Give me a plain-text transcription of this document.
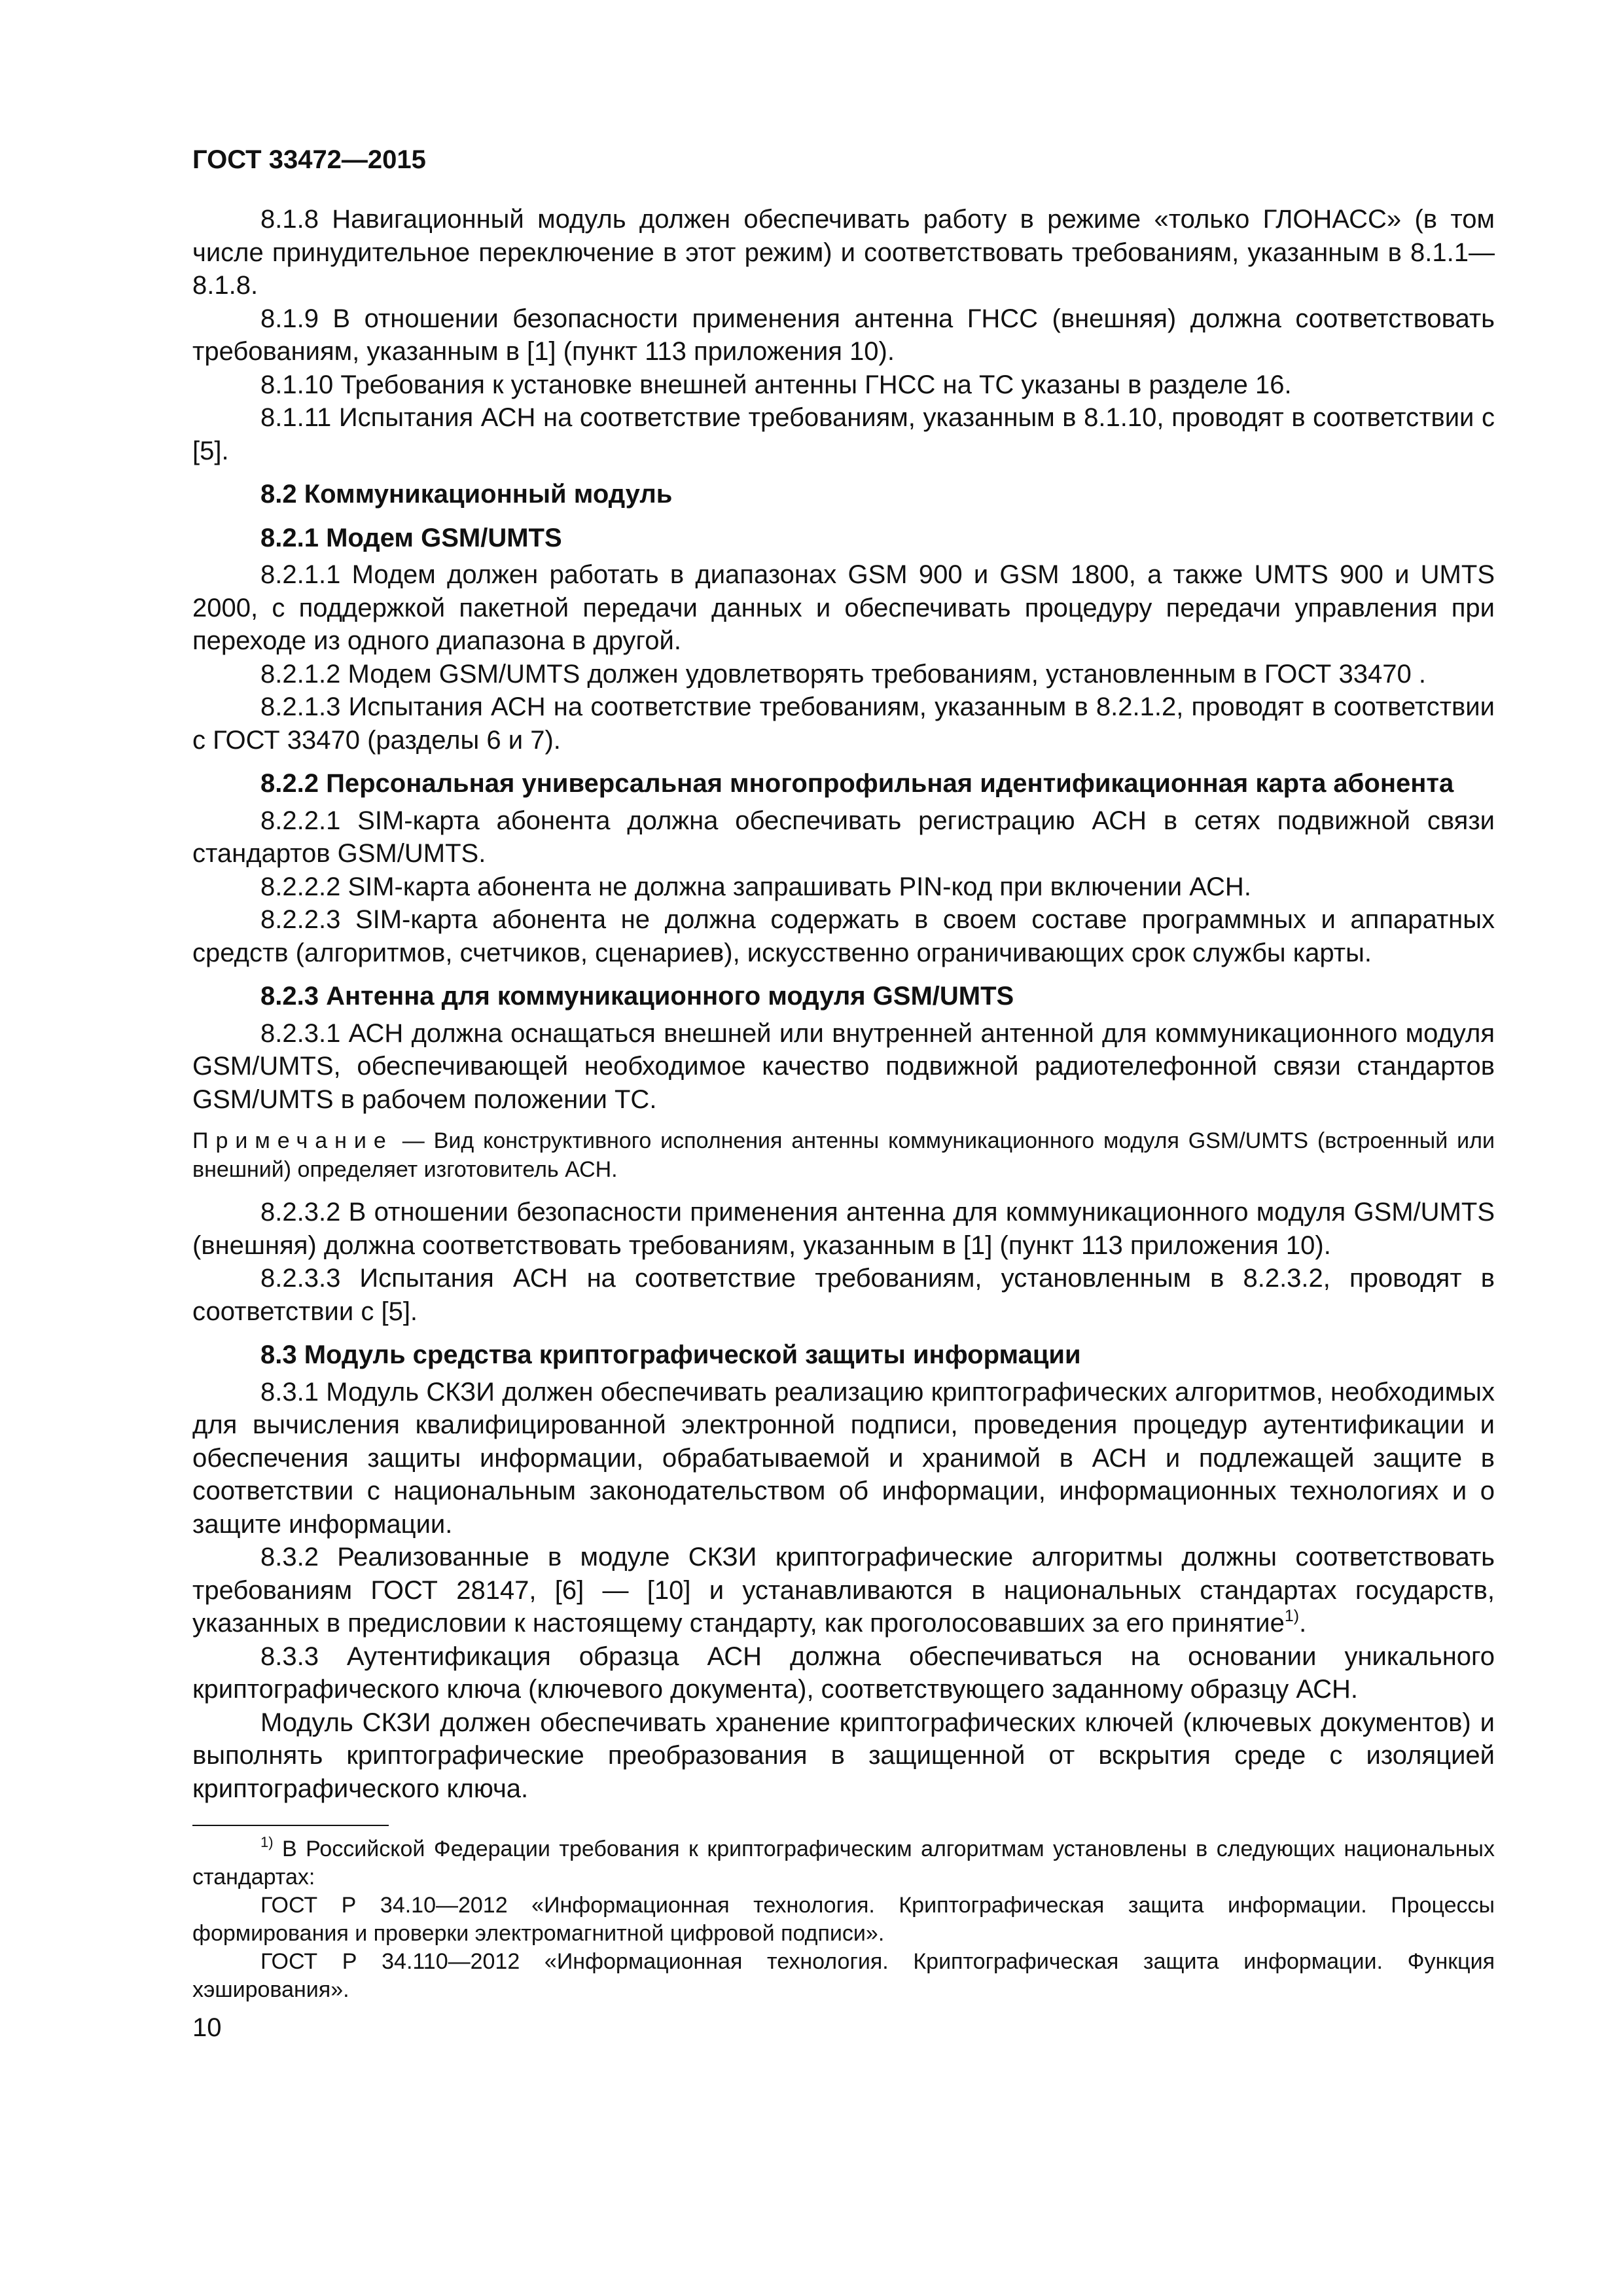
ГОСТ 33472—2015

8.1.8 Навигационный модуль должен обеспечивать работу в режиме «только ГЛОНАСС» (в том числе принудительное переключение в этот режим) и соответствовать требованиям, указанным в 8.1.1—8.1.8.

8.1.9 В отношении безопасности применения антенна ГНСС (внешняя) должна соответствовать требованиям, указанным в [1] (пункт 113 приложения 10).

8.1.10 Требования к установке внешней антенны ГНСС на ТС указаны в разделе 16.

8.1.11 Испытания АСН на соответствие требованиям, указанным в 8.1.10, проводят в соответствии с [5].

8.2 Коммуникационный модуль

8.2.1 Модем GSM/UMTS

8.2.1.1 Модем должен работать в диапазонах GSM 900 и GSM 1800, а также UMTS 900 и UMTS 2000, с поддержкой пакетной передачи данных и обеспечивать процедуру передачи управления при переходе из одного диапазона в другой.

8.2.1.2 Модем GSM/UMTS должен удовлетворять требованиям, установленным в ГОСТ 33470 .

8.2.1.3 Испытания АСН на соответствие требованиям, указанным в 8.2.1.2, проводят в соответствии с ГОСТ 33470 (разделы 6 и 7).

8.2.2 Персональная универсальная многопрофильная идентификационная карта абонента

8.2.2.1 SIM-карта абонента должна обеспечивать регистрацию АСН в сетях подвижной связи стандартов GSM/UMTS.

8.2.2.2 SIM-карта абонента не должна запрашивать PIN-код при включении АСН.

8.2.2.3 SIM-карта абонента не должна содержать в своем составе программных и аппаратных средств (алгоритмов, счетчиков, сценариев), искусственно ограничивающих срок службы карты.

8.2.3 Антенна для коммуникационного модуля GSM/UMTS

8.2.3.1 АСН должна оснащаться внешней или внутренней антенной для коммуникационного модуля GSM/UMTS, обеспечивающей необходимое качество подвижной радиотелефонной связи стандартов GSM/UMTS в рабочем положении ТС.

Примечание — Вид конструктивного исполнения антенны коммуникационного модуля GSM/UMTS (встроенный или внешний) определяет изготовитель АСН.

8.2.3.2 В отношении безопасности применения антенна для коммуникационного модуля GSM/UMTS (внешняя) должна соответствовать требованиям, указанным в [1] (пункт 113 приложения 10).

8.2.3.3 Испытания АСН на соответствие требованиям, установленным в 8.2.3.2, проводят в соответствии с [5].

8.3 Модуль средства криптографической защиты информации

8.3.1 Модуль СКЗИ должен обеспечивать реализацию криптографических алгоритмов, необходимых для вычисления квалифицированной электронной подписи, проведения процедур аутентификации и обеспечения защиты информации, обрабатываемой и хранимой в АСН и подлежащей защите в соответствии с национальным законодательством об информации, информационных технологиях и о защите информации.

8.3.2 Реализованные в модуле СКЗИ криптографические алгоритмы должны соответствовать требованиям ГОСТ 28147, [6] — [10] и устанавливаются в национальных стандартах государств, указанных в предисловии к настоящему стандарту, как проголосовавших за его принятие$^{1)}$.

8.3.3 Аутентификация образца АСН должна обеспечиваться на основании уникального криптографического ключа (ключевого документа), соответствующего заданному образцу АСН.

Модуль СКЗИ должен обеспечивать хранение криптографических ключей (ключевых документов) и выполнять криптографические преобразования в защищенной от вскрытия среде с изоляцией криптографического ключа.

$^{1)}$ В Российской Федерации требования к криптографическим алгоритмам установлены в следующих национальных стандартах:

ГОСТ Р 34.10—2012 «Информационная технология. Криптографическая защита информации. Процессы формирования и проверки электромагнитной цифровой подписи».

ГОСТ Р 34.110—2012 «Информационная технология. Криптографическая защита информации. Функция хэширования».

10
